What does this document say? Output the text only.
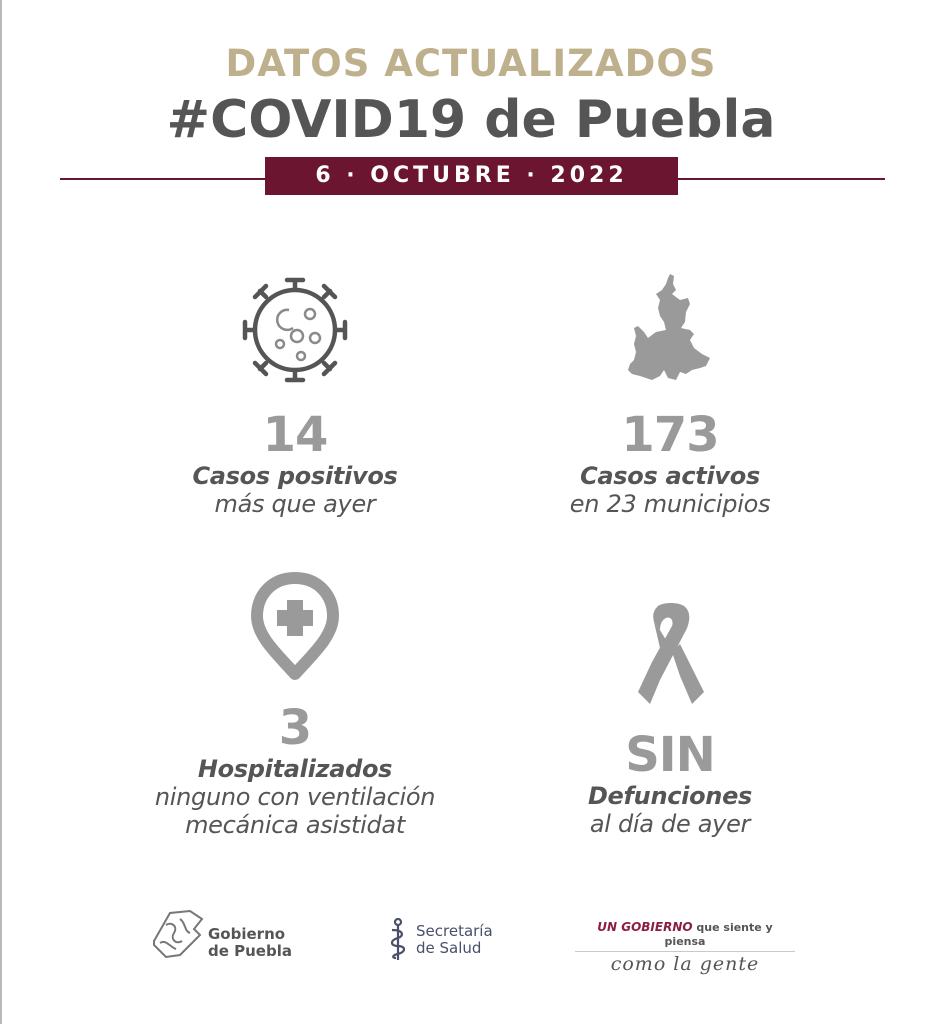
DATOS ACTUALIZADOS
#COVID19 de Puebla
6 · OCTUBRE · 2022
14
Casos positivos
más que ayer
173
Casos activos
en 23 municipios
3
Hospitalizados
ninguno con ventilación
mecánica asistidat
SIN
Defunciones
al día de ayer
Gobierno
de Puebla
Secretaría
de Salud
UN GOBIERNO que siente y piensa
como la gente
